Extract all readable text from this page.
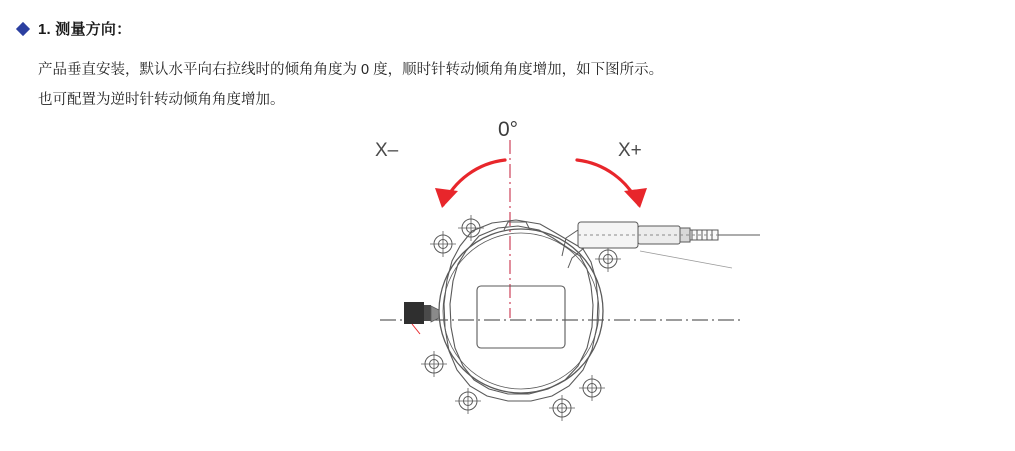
1. 测量方向：

产品垂直安装，默认水平向右拉线时的倾角角度为 0 度，顺时针转动倾角角度增加，如下图所示。

也可配置为逆时针转动倾角角度增加。

0°
X–	X+
